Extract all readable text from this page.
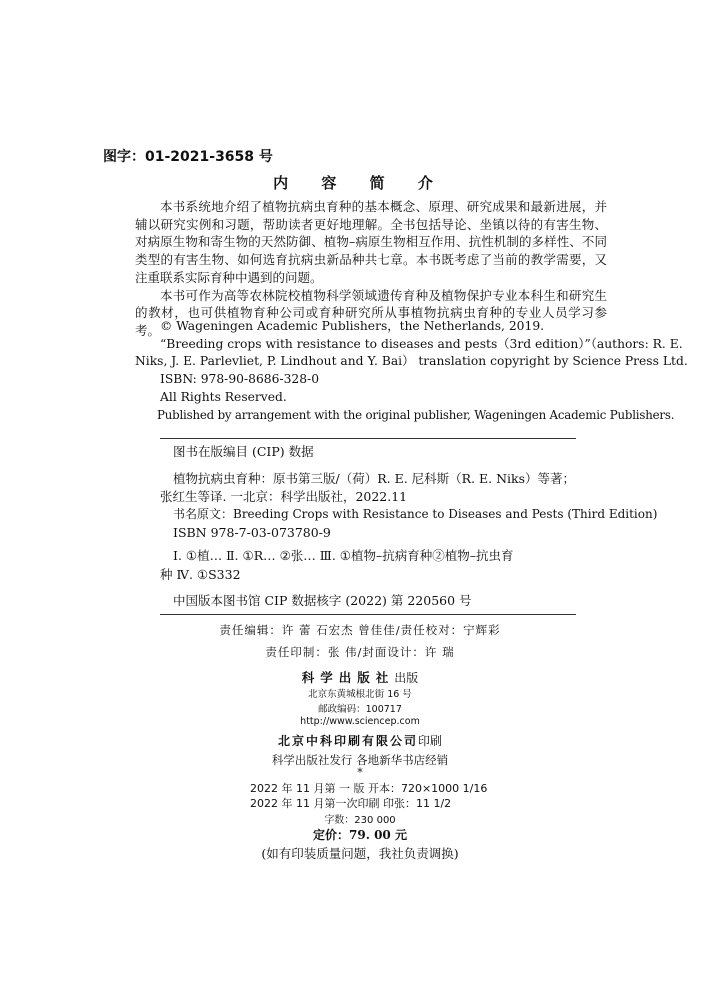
图字：01-2021-3658 号
内 容 简 介

本书系统地介绍了植物抗病虫育种的基本概念、原理、研究成果和最新进展，并辅以研究实例和习题，帮助读者更好地理解。全书包括导论、坐镇以待的有害生物、对病原生物和寄生物的天然防御、植物–病原生物相互作用、抗性机制的多样性、不同类型的有害生物、如何选育抗病虫新品种共七章。本书既考虑了当前的教学需要，又注重联系实际育种中遇到的问题。

本书可作为高等农林院校植物科学领域遗传育种及植物保护专业本科生和研究生的教材，也可供植物育种公司或育种研究所从事植物抗病虫育种的专业人员学习参考。 © Wageningen Academic Publishers，the Netherlands, 2019.
“Breeding crops with resistance to diseases and pests（3rd edition）”（authors: R. E.
Niks, J. E. Parlevliet, P. Lindhout and Y. Bai） translation copyright by Science Press Ltd.
ISBN: 978-90-8686-328-0
All Rights Reserved.
Published by arrangement with the original publisher, Wageningen Academic Publishers.
图书在版编目 (CIP) 数据
植物抗病虫育种：原书第三版/（荷）R. E. 尼科斯（R. E. Niks）等著；
张红生等译. 一北京：科学出版社，2022.11
书名原文：Breeding Crops with Resistance to Diseases and Pests (Third Edition)
ISBN 978-7-03-073780-9
Ⅰ. ①植… Ⅱ. ①R… ②张… Ⅲ. ①植物–抗病育种②植物–抗虫育
种 Ⅳ. ①S332
中国版本图书馆 CIP 数据核字 (2022) 第 220560 号
责任编辑：许 蕾 石宏杰 曾佳佳/责任校对：宁辉彩
责任印制：张 伟/封面设计：许 瑞
科学出版社出版
北京东黄城根北街 16 号
邮政编码：100717
http://www.sciencep.com
北京中科印刷有限公司印刷
科学出版社发行 各地新华书店经销
*
2022 年 11 月第 一 版 开本：720×1000 1/16
2022 年 11 月第一次印刷 印张：11 1/2
字数：230 000
定价：79. 00 元
(如有印装质量问题，我社负责调换)
